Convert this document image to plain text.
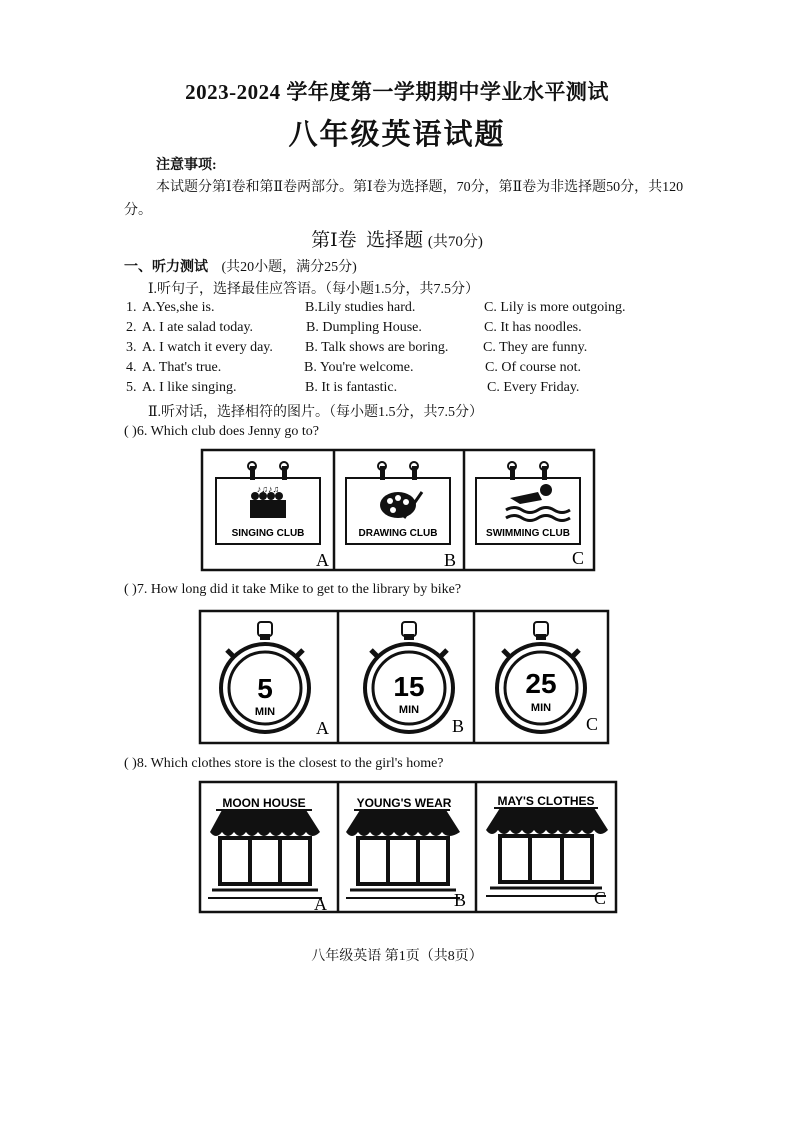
2023-2024 学年度第一学期期中学业水平测试
八年级英语试题
注意事项:
本试题分第Ⅰ卷和第Ⅱ卷两部分。第Ⅰ卷为选择题，70分，第Ⅱ卷为非选择题50分，共120分。
第Ⅰ卷  选择题 (共70分)
一、听力测试 (共20小题，满分25分)
Ⅰ.听句子，选择最佳应答语。（每小题1.5分，共7.5分）
1. A.Yes,she is.	B.Lily studies hard.	C. Lily is more outgoing.
2. A. I ate salad today.	B. Dumpling House.	C. It has noodles.
3. A. I watch it every day. B. Talk shows are boring. C. They are funny.
4. A. That's true.	B. You're welcome.	C. Of course not.
5. A. I like singing.	B. It is fantastic.	C. Every Friday.
Ⅱ.听对话，选择相符的图片。（每小题1.5分，共7.5分）
( )6. Which club does Jenny go to?
♪♫♪♫
SINGING CLUB
A
DRAWING CLUB
B
SWIMMING CLUB
C
( )7. How long did it take Mike to get to the library by bike?
5
MIN
A
15
MIN
B
25
MIN
C
( )8. Which clothes store is the closest to the girl's home?
MOON HOUSE
A
YOUNG'S WEAR
B
MAY'S CLOTHES
C
八年级英语 第1页（共8页）
